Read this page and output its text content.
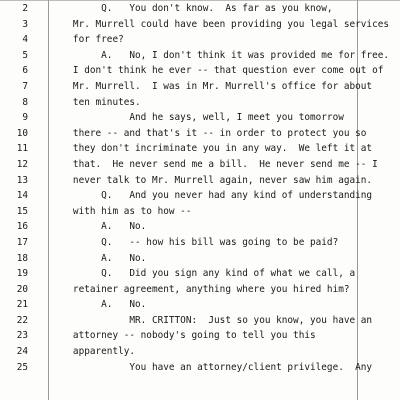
2	Q.   You don't know.  As far as you know,
3	Mr. Murrell could have been providing you legal services
4	for free?
5	A.   No, I don't think it was provided me for free.
6	I don't think he ever -- that question ever come out of
7	Mr. Murrell.  I was in Mr. Murrell's office for about
8	ten minutes.
9	And he says, well, I meet you tomorrow
10	there -- and that's it -- in order to protect you so
11	they don't incriminate you in any way.  We left it at
12	that.  He never send me a bill.  He never send me -- I
13	never talk to Mr. Murrell again, never saw him again.
14	Q.   And you never had any kind of understanding
15	with him as to how --
16	A.   No.
17	Q.   -- how his bill was going to be paid?
18	A.   No.
19	Q.   Did you sign any kind of what we call, a
20	retainer agreement, anything where you hired him?
21	A.   No.
22	MR. CRITTON:  Just so you know, you have an
23	attorney -- nobody's going to tell you this
24	apparently.
25	You have an attorney/client privilege.  Any
